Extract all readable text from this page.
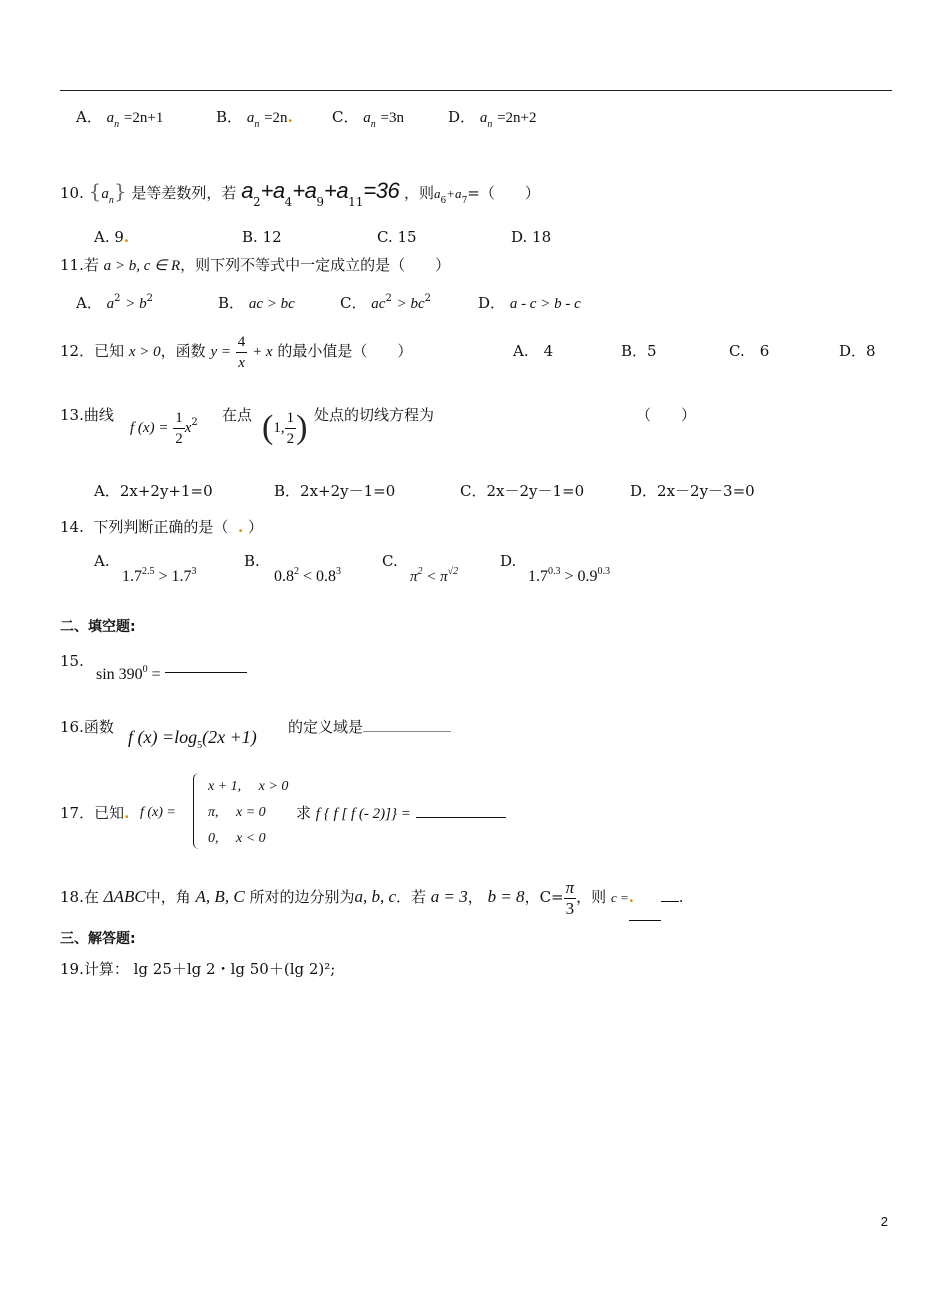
A． $a_n =2n+1$	B． $a_n =2n$.	C． $a_n =3n$	D． $a_n =2n+2$
10. $\{a_n\}$ 是等差数列，若 $a_2+a_4+a_9+a_{11}=36$ ，则$a_6+a_7=$（　　）
A. 9.	B. 12	C. 15	D. 18
11.若 a > b, c ∈ R，则下列不等式中一定成立的是（　　）
A． $a^2 > b^2$	B． ac > bc	C． $ac^2 > bc^2$	D． a - c > b - c
12．已知 x > 0，函数 $y = \frac{4}{x} + x$ 的最小值是（　　）	A.　4	B．5	C.　6	D．8
13.曲线
f $(x) = \frac{1}{2} x^2$ 在点 (1, $\frac{1}{2}$ ) 处点的切线方程为	（　　）
A．2x+2y+1=0	B．2x+2y－1=0	C．2x－2y－1=0	D．2x－2y－3=0
14. 下列判断正确的是（ . ）
A.
$1.7^{2.5} > 1.7^3$
B.
$0.8^2 < 0.8^3$
C.
$\pi^2 < \pi^{√2}$
D.
$1.7^{0.3} > 0.9^{0.3}$
二、填空题:
15.
$\sin 390^0$ =
16.函数 f $(x) =\log_5(2x +1)$ 的定义域是
17．已知. f (x) =
x + 1,　 x > 0
π,　 x = 0
0,　 x < 0
求 f { f [ f (- 2)]} =
18.在 ΔABC中，角 A, B, C 所对的边分别为a, b, c．若 a = 3， b = 8，$C= \frac{\pi}{3}$ ，则 c =.	.
三、解答题:
19.计算： lg 25＋lg 2・lg 50＋(lg 2)²;
2
